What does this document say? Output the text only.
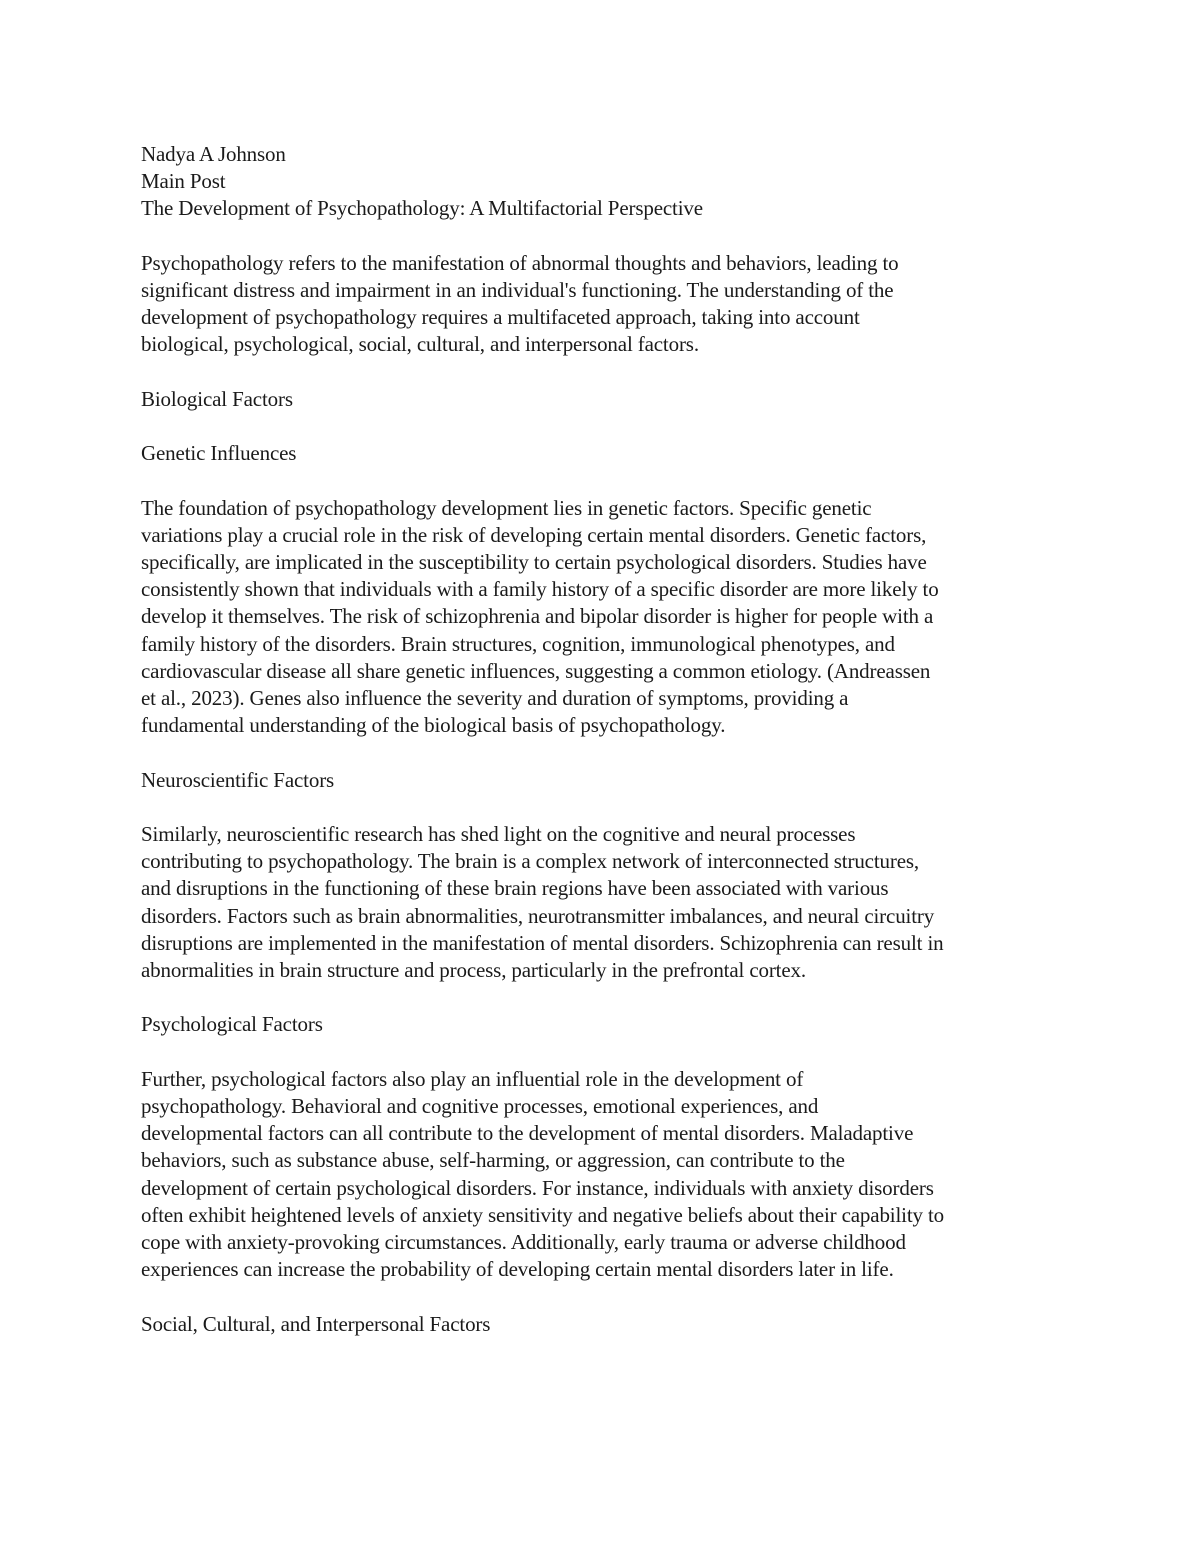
Nadya A Johnson
Main Post
The Development of Psychopathology: A Multifactorial Perspective
Psychopathology refers to the manifestation of abnormal thoughts and behaviors, leading to
significant distress and impairment in an individual's functioning. The understanding of the
development of psychopathology requires a multifaceted approach, taking into account
biological, psychological, social, cultural, and interpersonal factors.
Biological Factors
Genetic Influences
The foundation of psychopathology development lies in genetic factors. Specific genetic
variations play a crucial role in the risk of developing certain mental disorders. Genetic factors,
specifically, are implicated in the susceptibility to certain psychological disorders. Studies have
consistently shown that individuals with a family history of a specific disorder are more likely to
develop it themselves. The risk of schizophrenia and bipolar disorder is higher for people with a
family history of the disorders. Brain structures, cognition, immunological phenotypes, and
cardiovascular disease all share genetic influences, suggesting a common etiology. (Andreassen
et al., 2023). Genes also influence the severity and duration of symptoms, providing a
fundamental understanding of the biological basis of psychopathology.
Neuroscientific Factors
Similarly, neuroscientific research has shed light on the cognitive and neural processes
contributing to psychopathology. The brain is a complex network of interconnected structures,
and disruptions in the functioning of these brain regions have been associated with various
disorders. Factors such as brain abnormalities, neurotransmitter imbalances, and neural circuitry
disruptions are implemented in the manifestation of mental disorders. Schizophrenia can result in
abnormalities in brain structure and process, particularly in the prefrontal cortex.
Psychological Factors
Further, psychological factors also play an influential role in the development of
psychopathology. Behavioral and cognitive processes, emotional experiences, and
developmental factors can all contribute to the development of mental disorders. Maladaptive
behaviors, such as substance abuse, self-harming, or aggression, can contribute to the
development of certain psychological disorders. For instance, individuals with anxiety disorders
often exhibit heightened levels of anxiety sensitivity and negative beliefs about their capability to
cope with anxiety-provoking circumstances. Additionally, early trauma or adverse childhood
experiences can increase the probability of developing certain mental disorders later in life.
Social, Cultural, and Interpersonal Factors
